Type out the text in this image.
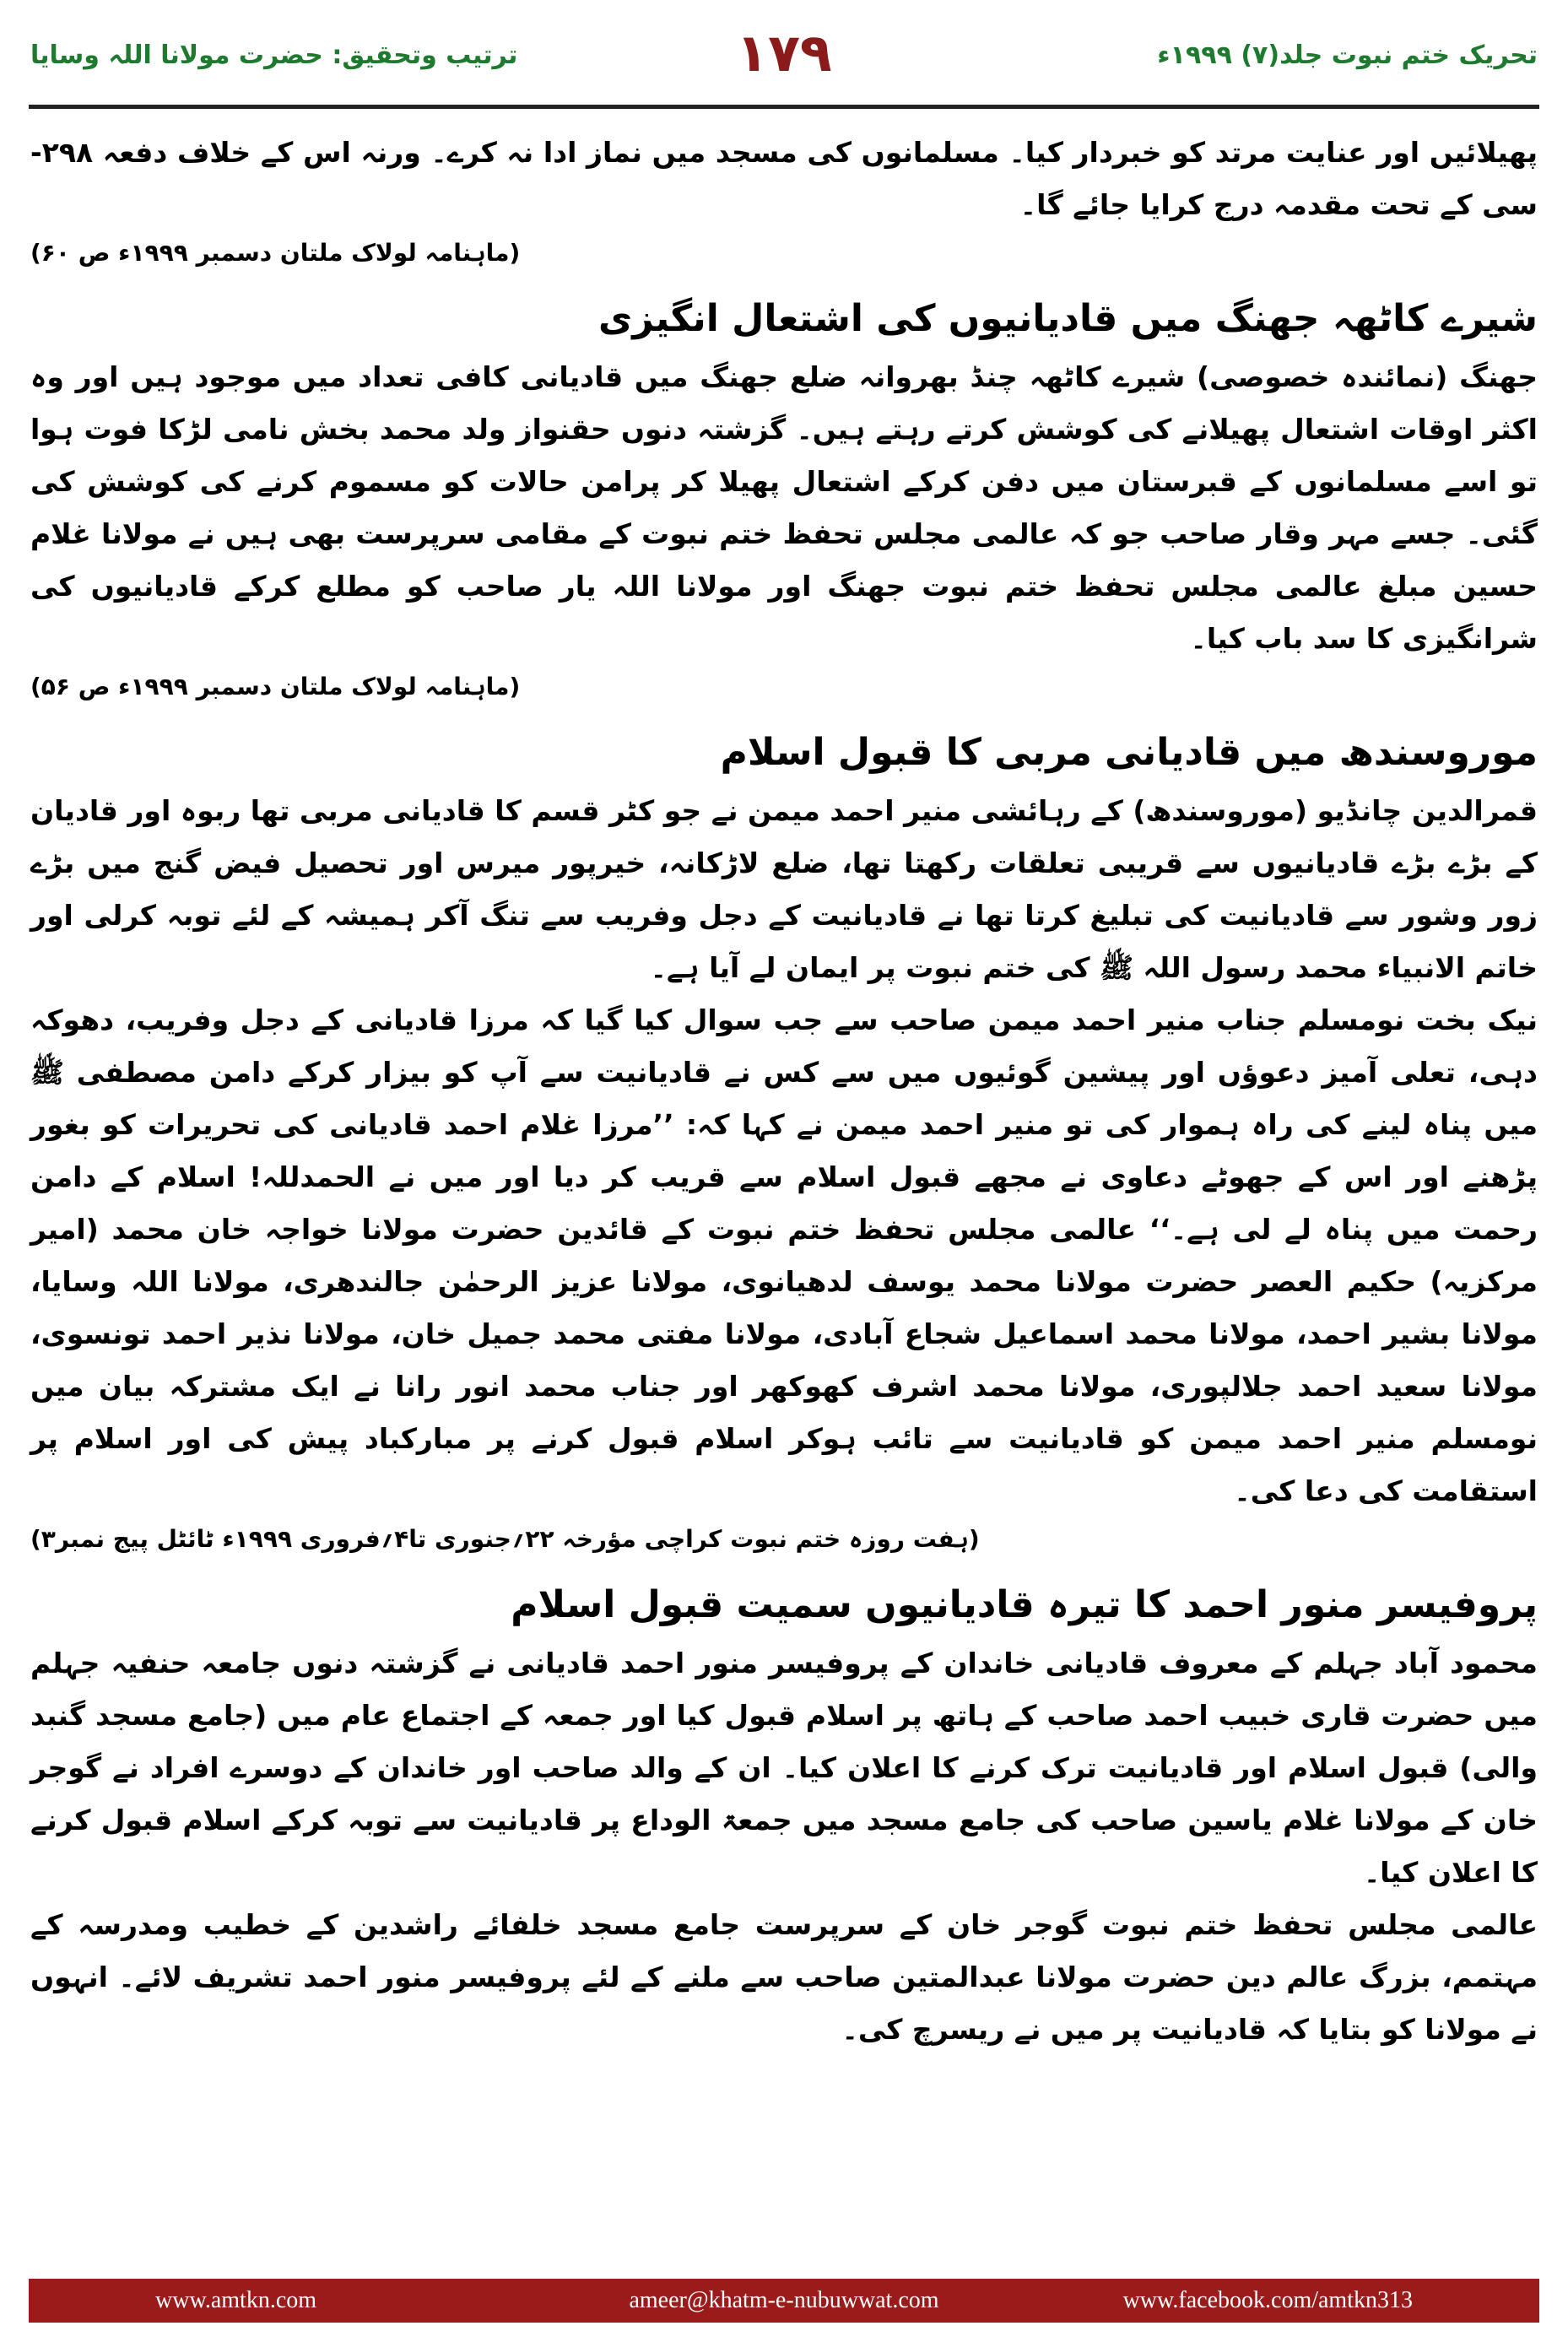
ترتیب وتحقیق: حضرت مولانا اللہ وسایا	۱۷۹	تحریک ختم نبوت جلد(۷) ۱۹۹۹ء

پھیلائیں اور عنایت مرتد کو خبردار کیا۔ مسلمانوں کی مسجد میں نماز ادا نہ کرے۔ ورنہ اس کے خلاف دفعہ ۲۹۸-سی کے تحت مقدمہ درج کرایا جائے گا۔

(ماہنامہ لولاک ملتان دسمبر ۱۹۹۹ء ص ۶۰)

شیرے کاٹھہ جھنگ میں قادیانیوں کی اشتعال انگیزی

جھنگ (نمائندہ خصوصی) شیرے کاٹھہ چنڈ بھروانہ ضلع جھنگ میں قادیانی کافی تعداد میں موجود ہیں اور وہ اکثر اوقات اشتعال پھیلانے کی کوشش کرتے رہتے ہیں۔ گزشتہ دنوں حقنواز ولد محمد بخش نامی لڑکا فوت ہوا تو اسے مسلمانوں کے قبرستان میں دفن کرکے اشتعال پھیلا کر پرامن حالات کو مسموم کرنے کی کوشش کی گئی۔ جسے مہر وقار صاحب جو کہ عالمی مجلس تحفظ ختم نبوت کے مقامی سرپرست بھی ہیں نے مولانا غلام حسین مبلغ عالمی مجلس تحفظ ختم نبوت جھنگ اور مولانا اللہ یار صاحب کو مطلع کرکے قادیانیوں کی شرانگیزی کا سد باب کیا۔

(ماہنامہ لولاک ملتان دسمبر ۱۹۹۹ء ص ۵۶)

موروسندھ میں قادیانی مربی کا قبول اسلام

قمرالدین چانڈیو (موروسندھ) کے رہائشی منیر احمد میمن نے جو کٹر قسم کا قادیانی مربی تھا ربوہ اور قادیان کے بڑے بڑے قادیانیوں سے قریبی تعلقات رکھتا تھا، ضلع لاڑکانہ، خیرپور میرس اور تحصیل فیض گنج میں بڑے زور وشور سے قادیانیت کی تبلیغ کرتا تھا نے قادیانیت کے دجل وفریب سے تنگ آکر ہمیشہ کے لئے توبہ کرلی اور خاتم الانبیاء محمد رسول اللہ ﷺ کی ختم نبوت پر ایمان لے آیا ہے۔

نیک بخت نومسلم جناب منیر احمد میمن صاحب سے جب سوال کیا گیا کہ مرزا قادیانی کے دجل وفریب، دھوکہ دہی، تعلی آمیز دعوؤں اور پیشین گوئیوں میں سے کس نے قادیانیت سے آپ کو بیزار کرکے دامن مصطفی ﷺ میں پناہ لینے کی راہ ہموار کی تو منیر احمد میمن نے کہا کہ: ’’مرزا غلام احمد قادیانی کی تحریرات کو بغور پڑھنے اور اس کے جھوٹے دعاوی نے مجھے قبول اسلام سے قریب کر دیا اور میں نے الحمدللہ! اسلام کے دامن رحمت میں پناہ لے لی ہے۔‘‘ عالمی مجلس تحفظ ختم نبوت کے قائدین حضرت مولانا خواجہ خان محمد (امیر مرکزیہ) حکیم العصر حضرت مولانا محمد یوسف لدھیانوی، مولانا عزیز الرحمٰن جالندھری، مولانا اللہ وسایا، مولانا بشیر احمد، مولانا محمد اسماعیل شجاع آبادی، مولانا مفتی محمد جمیل خان، مولانا نذیر احمد تونسوی، مولانا سعید احمد جلالپوری، مولانا محمد اشرف کھوکھر اور جناب محمد انور رانا نے ایک مشترکہ بیان میں نومسلم منیر احمد میمن کو قادیانیت سے تائب ہوکر اسلام قبول کرنے پر مبارکباد پیش کی اور اسلام پر استقامت کی دعا کی۔

(ہفت روزہ ختم نبوت کراچی مؤرخہ ۲۲؍جنوری تا۴؍فروری ۱۹۹۹ء ٹائٹل پیج نمبر۳)

پروفیسر منور احمد کا تیرہ قادیانیوں سمیت قبول اسلام

محمود آباد جہلم کے معروف قادیانی خاندان کے پروفیسر منور احمد قادیانی نے گزشتہ دنوں جامعہ حنفیہ جہلم میں حضرت قاری خبیب احمد صاحب کے ہاتھ پر اسلام قبول کیا اور جمعہ کے اجتماع عام میں (جامع مسجد گنبد والی) قبول اسلام اور قادیانیت ترک کرنے کا اعلان کیا۔ ان کے والد صاحب اور خاندان کے دوسرے افراد نے گوجر خان کے مولانا غلام یاسین صاحب کی جامع مسجد میں جمعۃ الوداع پر قادیانیت سے توبہ کرکے اسلام قبول کرنے کا اعلان کیا۔

عالمی مجلس تحفظ ختم نبوت گوجر خان کے سرپرست جامع مسجد خلفائے راشدین کے خطیب ومدرسہ کے مہتمم، بزرگ عالم دین حضرت مولانا عبدالمتین صاحب سے ملنے کے لئے پروفیسر منور احمد تشریف لائے۔ انہوں نے مولانا کو بتایا کہ قادیانیت پر میں نے ریسرچ کی۔

www.amtkn.com	ameer@khatm-e-nubuwwat.com	www.facebook.com/amtkn313
